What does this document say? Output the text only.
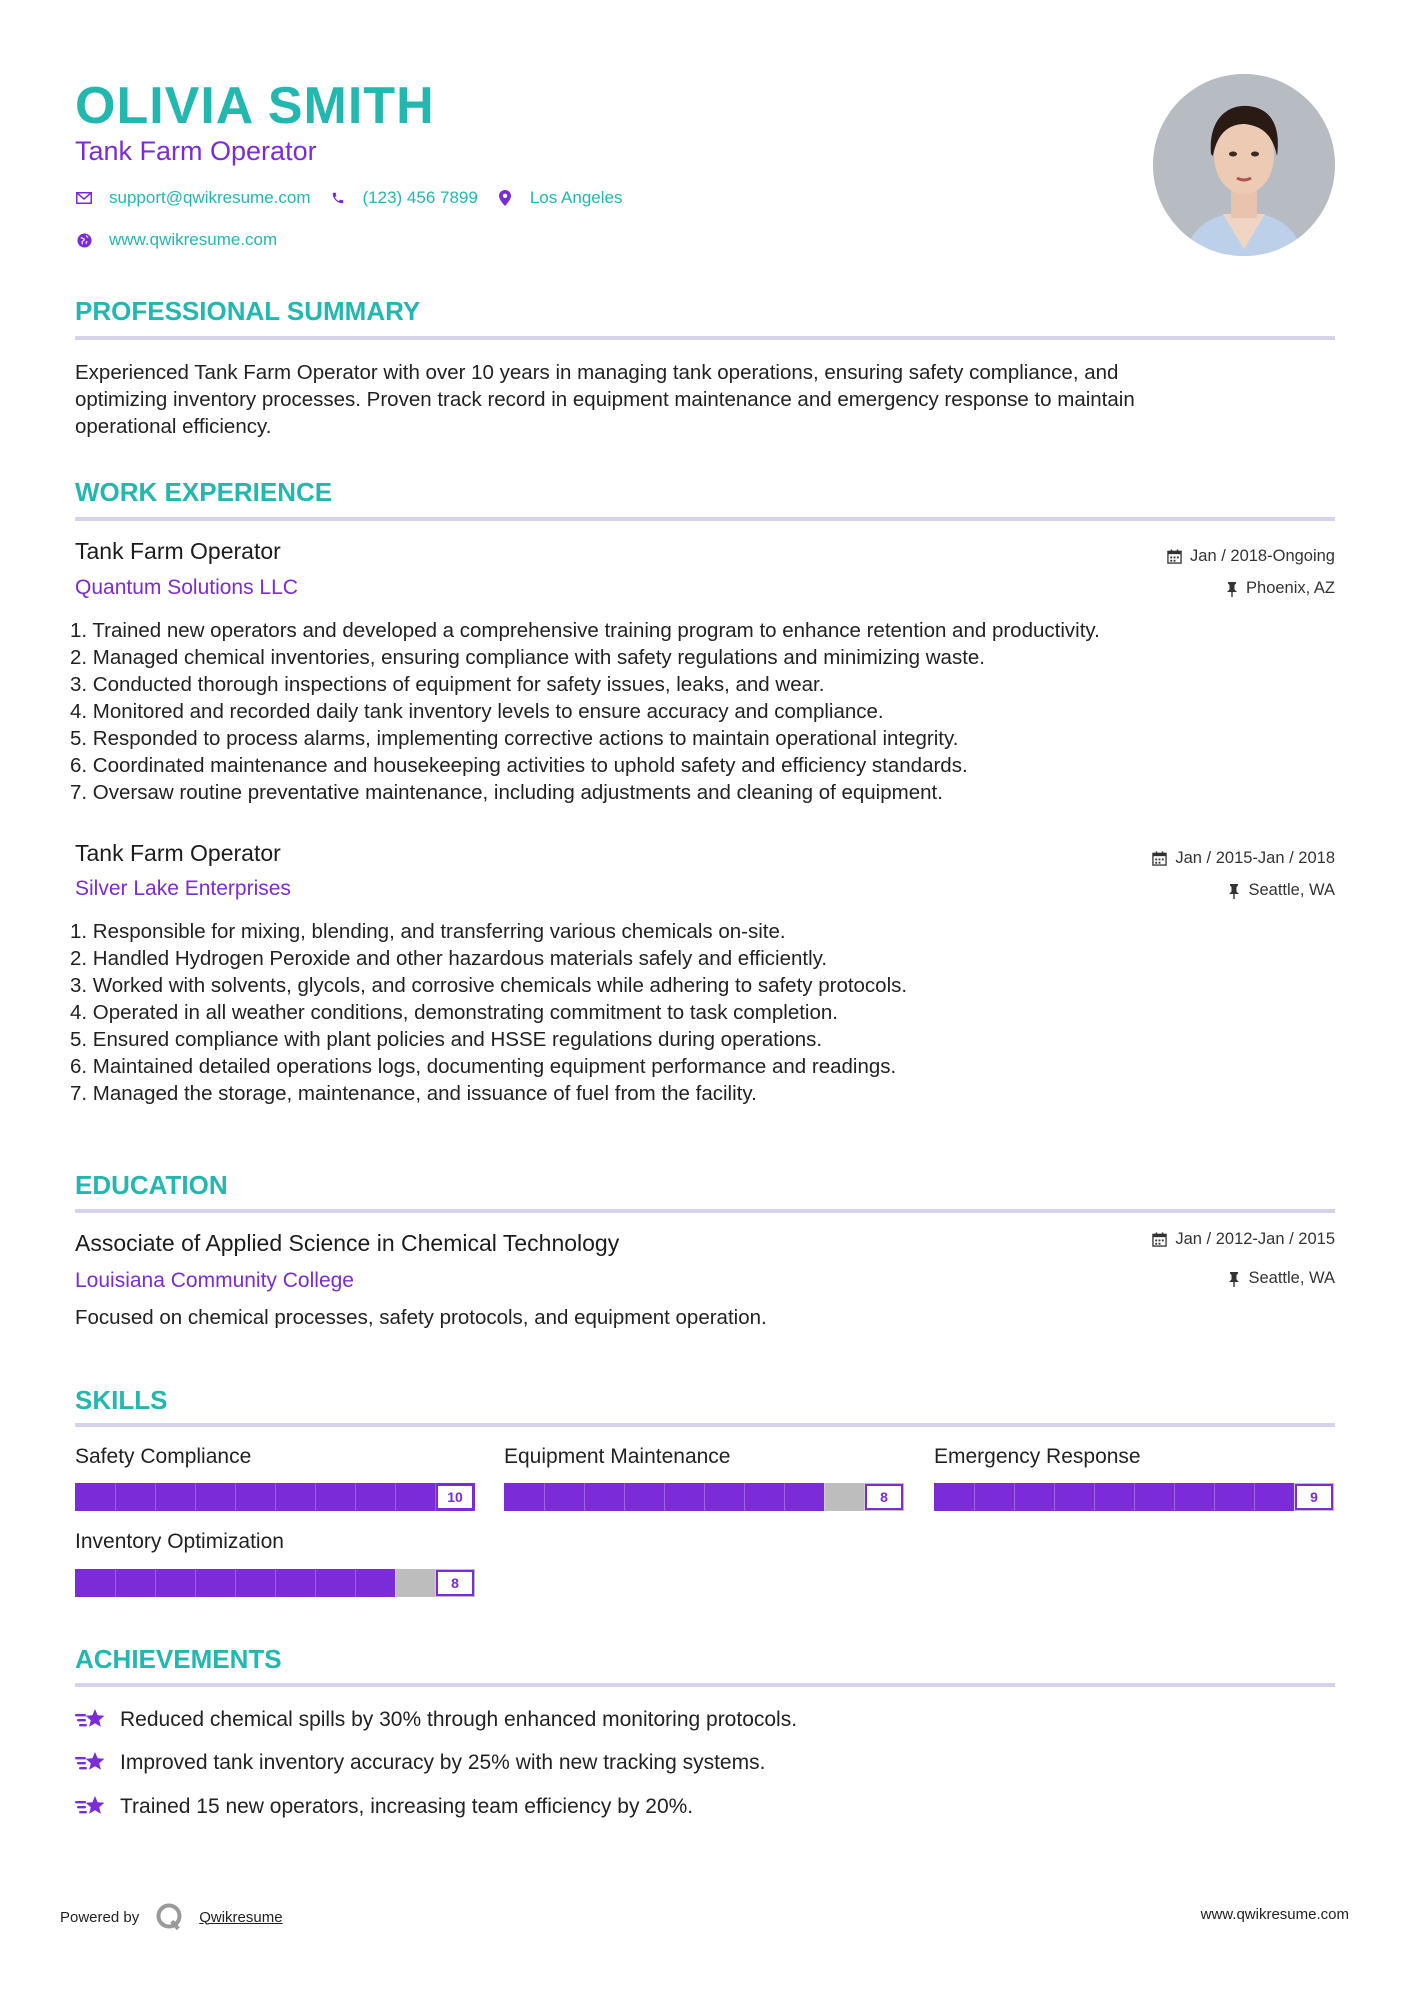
OLIVIA SMITH
Tank Farm Operator
support@qwikresume.com	(123) 456 7899	Los Angeles
www.qwikresume.com
PROFESSIONAL SUMMARY
Experienced Tank Farm Operator with over 10 years in managing tank operations, ensuring safety compliance, and
optimizing inventory processes. Proven track record in equipment maintenance and emergency response to maintain
operational efficiency.
WORK EXPERIENCE
Tank Farm Operator
Quantum Solutions LLC
Jan / 2018-Ongoing
Phoenix, AZ
1. Trained new operators and developed a comprehensive training program to enhance retention and productivity.
2. Managed chemical inventories, ensuring compliance with safety regulations and minimizing waste.
3. Conducted thorough inspections of equipment for safety issues, leaks, and wear.
4. Monitored and recorded daily tank inventory levels to ensure accuracy and compliance.
5. Responded to process alarms, implementing corrective actions to maintain operational integrity.
6. Coordinated maintenance and housekeeping activities to uphold safety and efficiency standards.
7. Oversaw routine preventative maintenance, including adjustments and cleaning of equipment.
Tank Farm Operator
Silver Lake Enterprises
Jan / 2015-Jan / 2018
Seattle, WA
1. Responsible for mixing, blending, and transferring various chemicals on-site.
2. Handled Hydrogen Peroxide and other hazardous materials safely and efficiently.
3. Worked with solvents, glycols, and corrosive chemicals while adhering to safety protocols.
4. Operated in all weather conditions, demonstrating commitment to task completion.
5. Ensured compliance with plant policies and HSSE regulations during operations.
6. Maintained detailed operations logs, documenting equipment performance and readings.
7. Managed the storage, maintenance, and issuance of fuel from the facility.
EDUCATION
Associate of Applied Science in Chemical Technology
Louisiana Community College
Jan / 2012-Jan / 2015
Seattle, WA
Focused on chemical processes, safety protocols, and equipment operation.
SKILLS
Safety Compliance
10
Equipment Maintenance
8
Emergency Response
9
Inventory Optimization
8
ACHIEVEMENTS
Reduced chemical spills by 30% through enhanced monitoring protocols.
Improved tank inventory accuracy by 25% with new tracking systems.
Trained 15 new operators, increasing team efficiency by 20%.
Powered by	Qwikresume	www.qwikresume.com
